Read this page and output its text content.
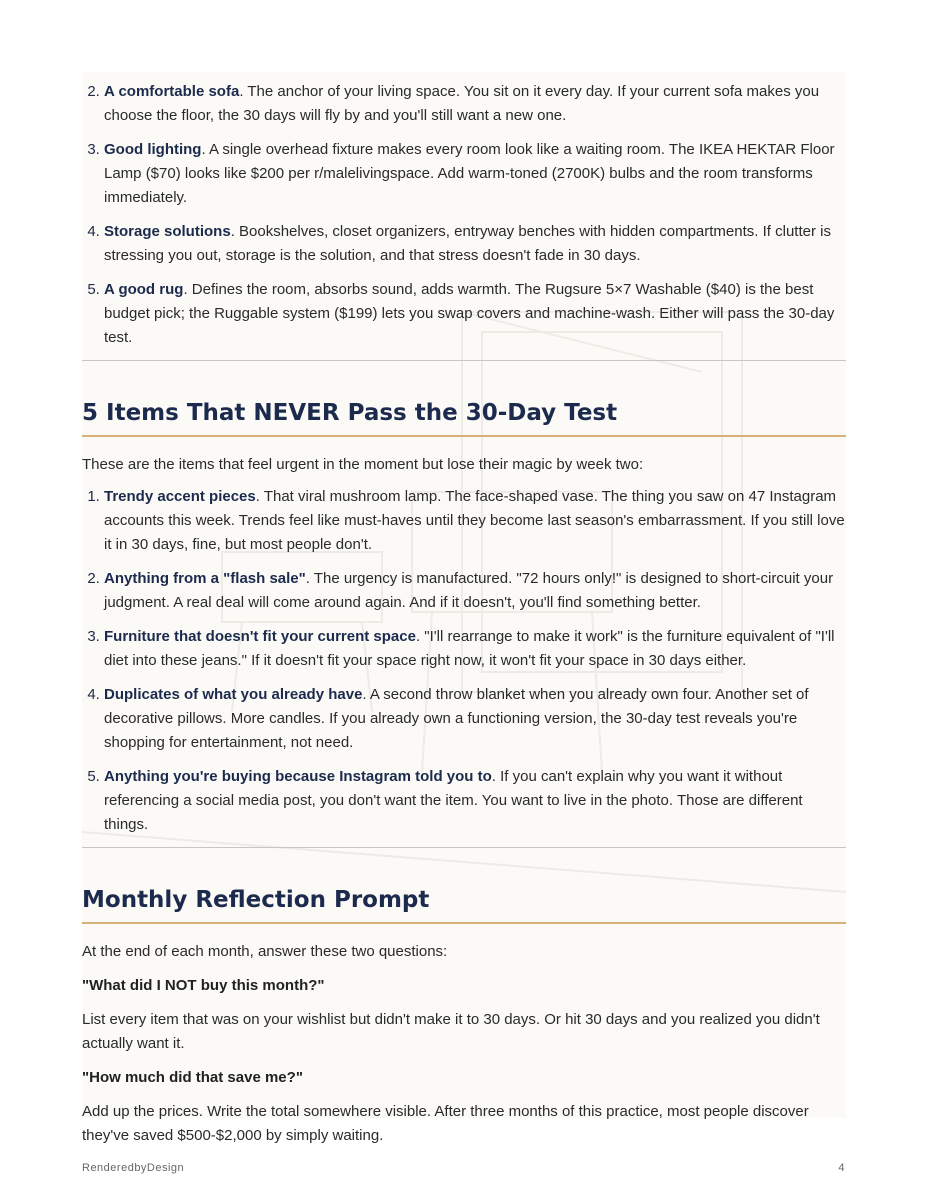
2. A comfortable sofa. The anchor of your living space. You sit on it every day. If your current sofa makes you choose the floor, the 30 days will fly by and you'll still want a new one.
3. Good lighting. A single overhead fixture makes every room look like a waiting room. The IKEA HEKTAR Floor Lamp ($70) looks like $200 per r/malelivingspace. Add warm-toned (2700K) bulbs and the room transforms immediately.
4. Storage solutions. Bookshelves, closet organizers, entryway benches with hidden compartments. If clutter is stressing you out, storage is the solution, and that stress doesn't fade in 30 days.
5. A good rug. Defines the room, absorbs sound, adds warmth. The Rugsure 5×7 Washable ($40) is the best budget pick; the Ruggable system ($199) lets you swap covers and machine-wash. Either will pass the 30-day test.
5 Items That NEVER Pass the 30-Day Test

These are the items that feel urgent in the moment but lose their magic by week two:

1. Trendy accent pieces. That viral mushroom lamp. The face-shaped vase. The thing you saw on 47 Instagram accounts this week. Trends feel like must-haves until they become last season's embarrassment. If you still love it in 30 days, fine, but most people don't.
2. Anything from a "flash sale". The urgency is manufactured. "72 hours only!" is designed to short-circuit your judgment. A real deal will come around again. And if it doesn't, you'll find something better.
3. Furniture that doesn't fit your current space. "I'll rearrange to make it work" is the furniture equivalent of "I'll diet into these jeans." If it doesn't fit your space right now, it won't fit your space in 30 days either.
4. Duplicates of what you already have. A second throw blanket when you already own four. Another set of decorative pillows. More candles. If you already own a functioning version, the 30-day test reveals you're shopping for entertainment, not need.
5. Anything you're buying because Instagram told you to. If you can't explain why you want it without referencing a social media post, you don't want the item. You want to live in the photo. Those are different things.
Monthly Reflection Prompt

At the end of each month, answer these two questions:

"What did I NOT buy this month?"

List every item that was on your wishlist but didn't make it to 30 days. Or hit 30 days and you realized you didn't actually want it.

"How much did that save me?"

Add up the prices. Write the total somewhere visible. After three months of this practice, most people discover they've saved $500-$2,000 by simply waiting.

RenderedbyDesign	4
